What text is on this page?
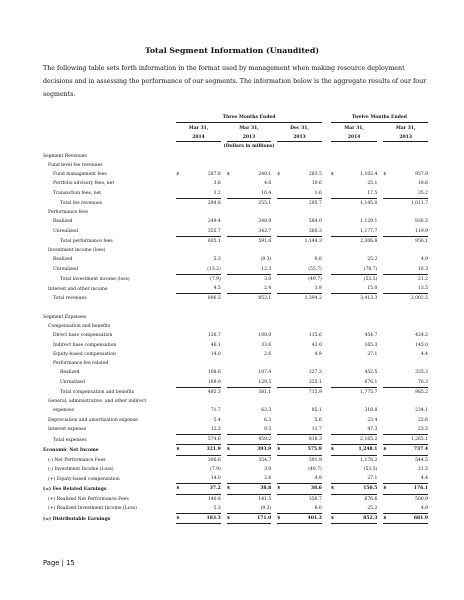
Total Segment Information (Unaudited)
The following table sets forth information in the format used by management when making resource deployment decisions and in assessing the performance of our segments. The information below is the aggregate results of our four segments.
	Three Months Ended									Twelve Months Ended				
	Mar 31,			Mar 31,			Dec 31,			Mar 31,			Mar 31,	
	2014			2013			2013			2014			2013	
	(Dollars in millions)													
Segment Revenues														
Fund level fee revenues														
Fund management fees	$	287.8		$	240.1		$	283.5		$	1,102.4		$	957.9
Portfolio advisory fees, net		3.8			4.6			10.6			25.1			18.6
Transaction fees, net		3.2			10.4			1.6			17.5			35.2
Total fee revenues		294.8			255.1			295.7			1,145.0			1,011.7
Performance fees														
Realized		249.4			248.9			584.0			1,129.1			836.2
Unrealized		355.7			342.7			560.3			1,177.7			119.9
Total performance fees		605.1			591.6			1,144.3			2,306.8			956.1
Investment income (loss)														
Realized		5.3			(9.3)			6.0			25.2			4.9
Unrealized		(13.2)			12.3			(55.7)			(78.7)			16.3
Total investment income (loss)		(7.9)			3.0			(49.7)			(53.5)			21.2
Interest and other income		4.5			2.4			3.9			15.0			13.5
Total revenues		896.5			852.1			1,394.2			3,413.3			2,002.5

Segment Expenses														
Compensation and benefits														
Direct base compensation		126.7			108.0			115.6			454.7			424.2
Indirect base compensation		46.1			33.6			43.0			165.3			145.0
Equity-based compensation		14.0			2.6			4.9			27.1			4.4
Performance fee related														
Realized		108.6			107.4			227.3			452.5			335.3
Unrealized		189.9			129.5			325.1			676.1			76.3
Total compensation and benefits		485.3			381.1			715.9			1,775.7			985.2
General, administrative, and other indirect														
expenses		71.7			62.3			85.1			318.8			234.1
Depreciation and amortization expense		5.4			6.3			5.6			23.4			22.6
Interest expense		12.2			8.5			11.7			47.3			23.2
Total expenses		574.6			458.2			818.3			2,165.2			1,265.1
Economic Net Income	$	321.9		$	393.9		$	575.9		$	1,248.1		$	737.4
(-) Net Performance Fees		306.6			354.7			591.9			1,178.2			544.5
(-) Investment Income (Loss)		(7.9)			3.0			(49.7)			(53.5)			21.2
(+) Equity-based compensation		14.0			2.6			4.9			27.1			4.4
(=) Fee Related Earnings	$	37.2		$	38.8		$	38.6		$	150.5		$	176.1
(+) Realized Net Performance Fees		140.8			141.5			356.7			676.6			500.9
(+) Realized Investment Income (Loss)		5.3			(9.3)			6.0			25.2			4.9
(=) Distributable Earnings	$	183.3		$	171.0		$	401.3		$	852.3		$	681.9
Page | 15
